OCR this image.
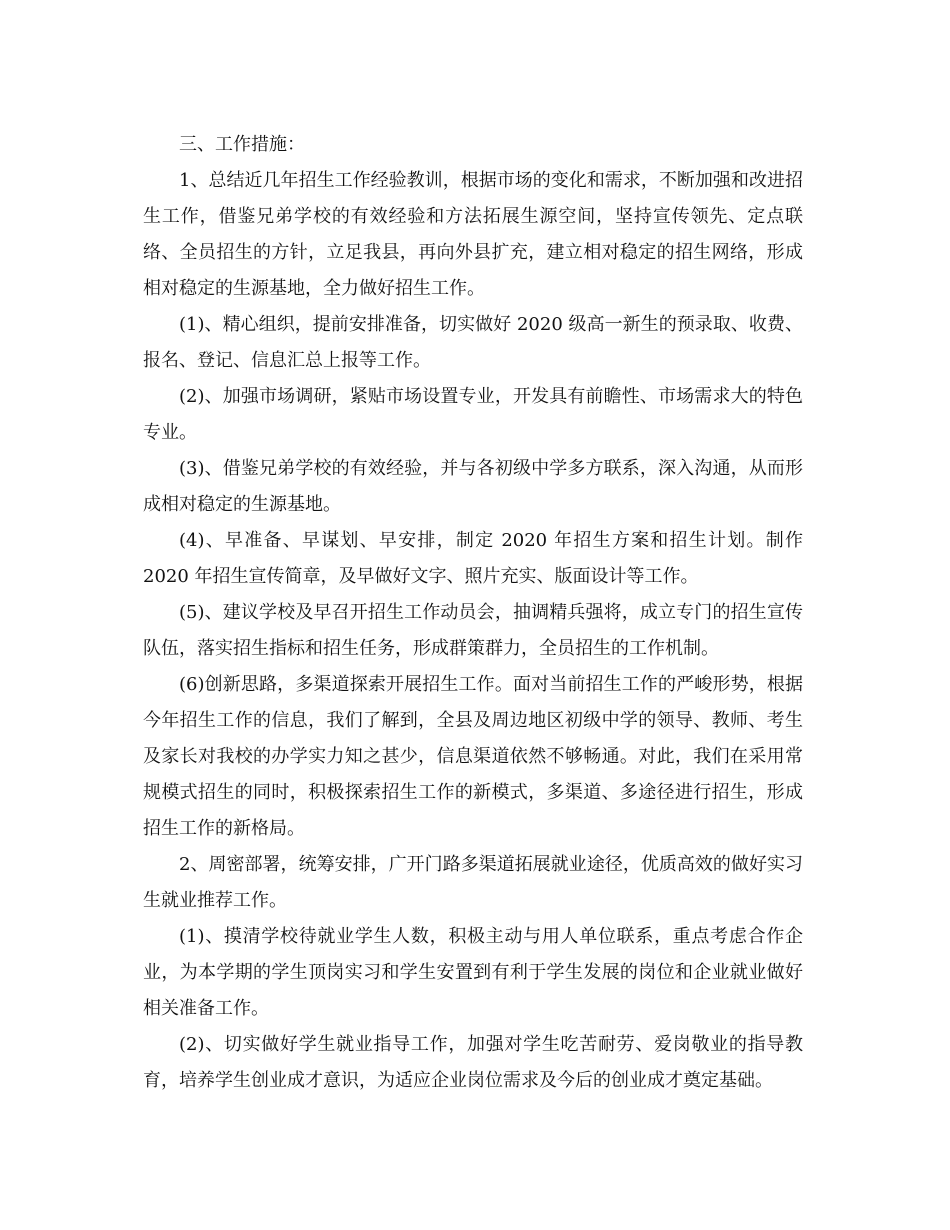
三、工作措施：

1、总结近几年招生工作经验教训，根据市场的变化和需求，不断加强和改进招生工作，借鉴兄弟学校的有效经验和方法拓展生源空间，坚持宣传领先、定点联络、全员招生的方针，立足我县，再向外县扩充，建立相对稳定的招生网络，形成相对稳定的生源基地，全力做好招生工作。

(1)、精心组织，提前安排准备，切实做好 2020 级高一新生的预录取、收费、报名、登记、信息汇总上报等工作。

(2)、加强市场调研，紧贴市场设置专业，开发具有前瞻性、市场需求大的特色专业。

(3)、借鉴兄弟学校的有效经验，并与各初级中学多方联系，深入沟通，从而形成相对稳定的生源基地。

(4)、早准备、早谋划、早安排，制定 2020 年招生方案和招生计划。制作2020 年招生宣传简章，及早做好文字、照片充实、版面设计等工作。

(5)、建议学校及早召开招生工作动员会，抽调精兵强将，成立专门的招生宣传队伍，落实招生指标和招生任务，形成群策群力，全员招生的工作机制。

(6)创新思路，多渠道探索开展招生工作。面对当前招生工作的严峻形势，根据今年招生工作的信息，我们了解到，全县及周边地区初级中学的领导、教师、考生及家长对我校的办学实力知之甚少，信息渠道依然不够畅通。对此，我们在采用常规模式招生的同时，积极探索招生工作的新模式，多渠道、多途径进行招生，形成招生工作的新格局。

2、周密部署，统筹安排，广开门路多渠道拓展就业途径，优质高效的做好实习生就业推荐工作。

(1)、摸清学校待就业学生人数，积极主动与用人单位联系，重点考虑合作企业，为本学期的学生顶岗实习和学生安置到有利于学生发展的岗位和企业就业做好相关准备工作。

(2)、切实做好学生就业指导工作，加强对学生吃苦耐劳、爱岗敬业的指导教育，培养学生创业成才意识，为适应企业岗位需求及今后的创业成才奠定基础。
